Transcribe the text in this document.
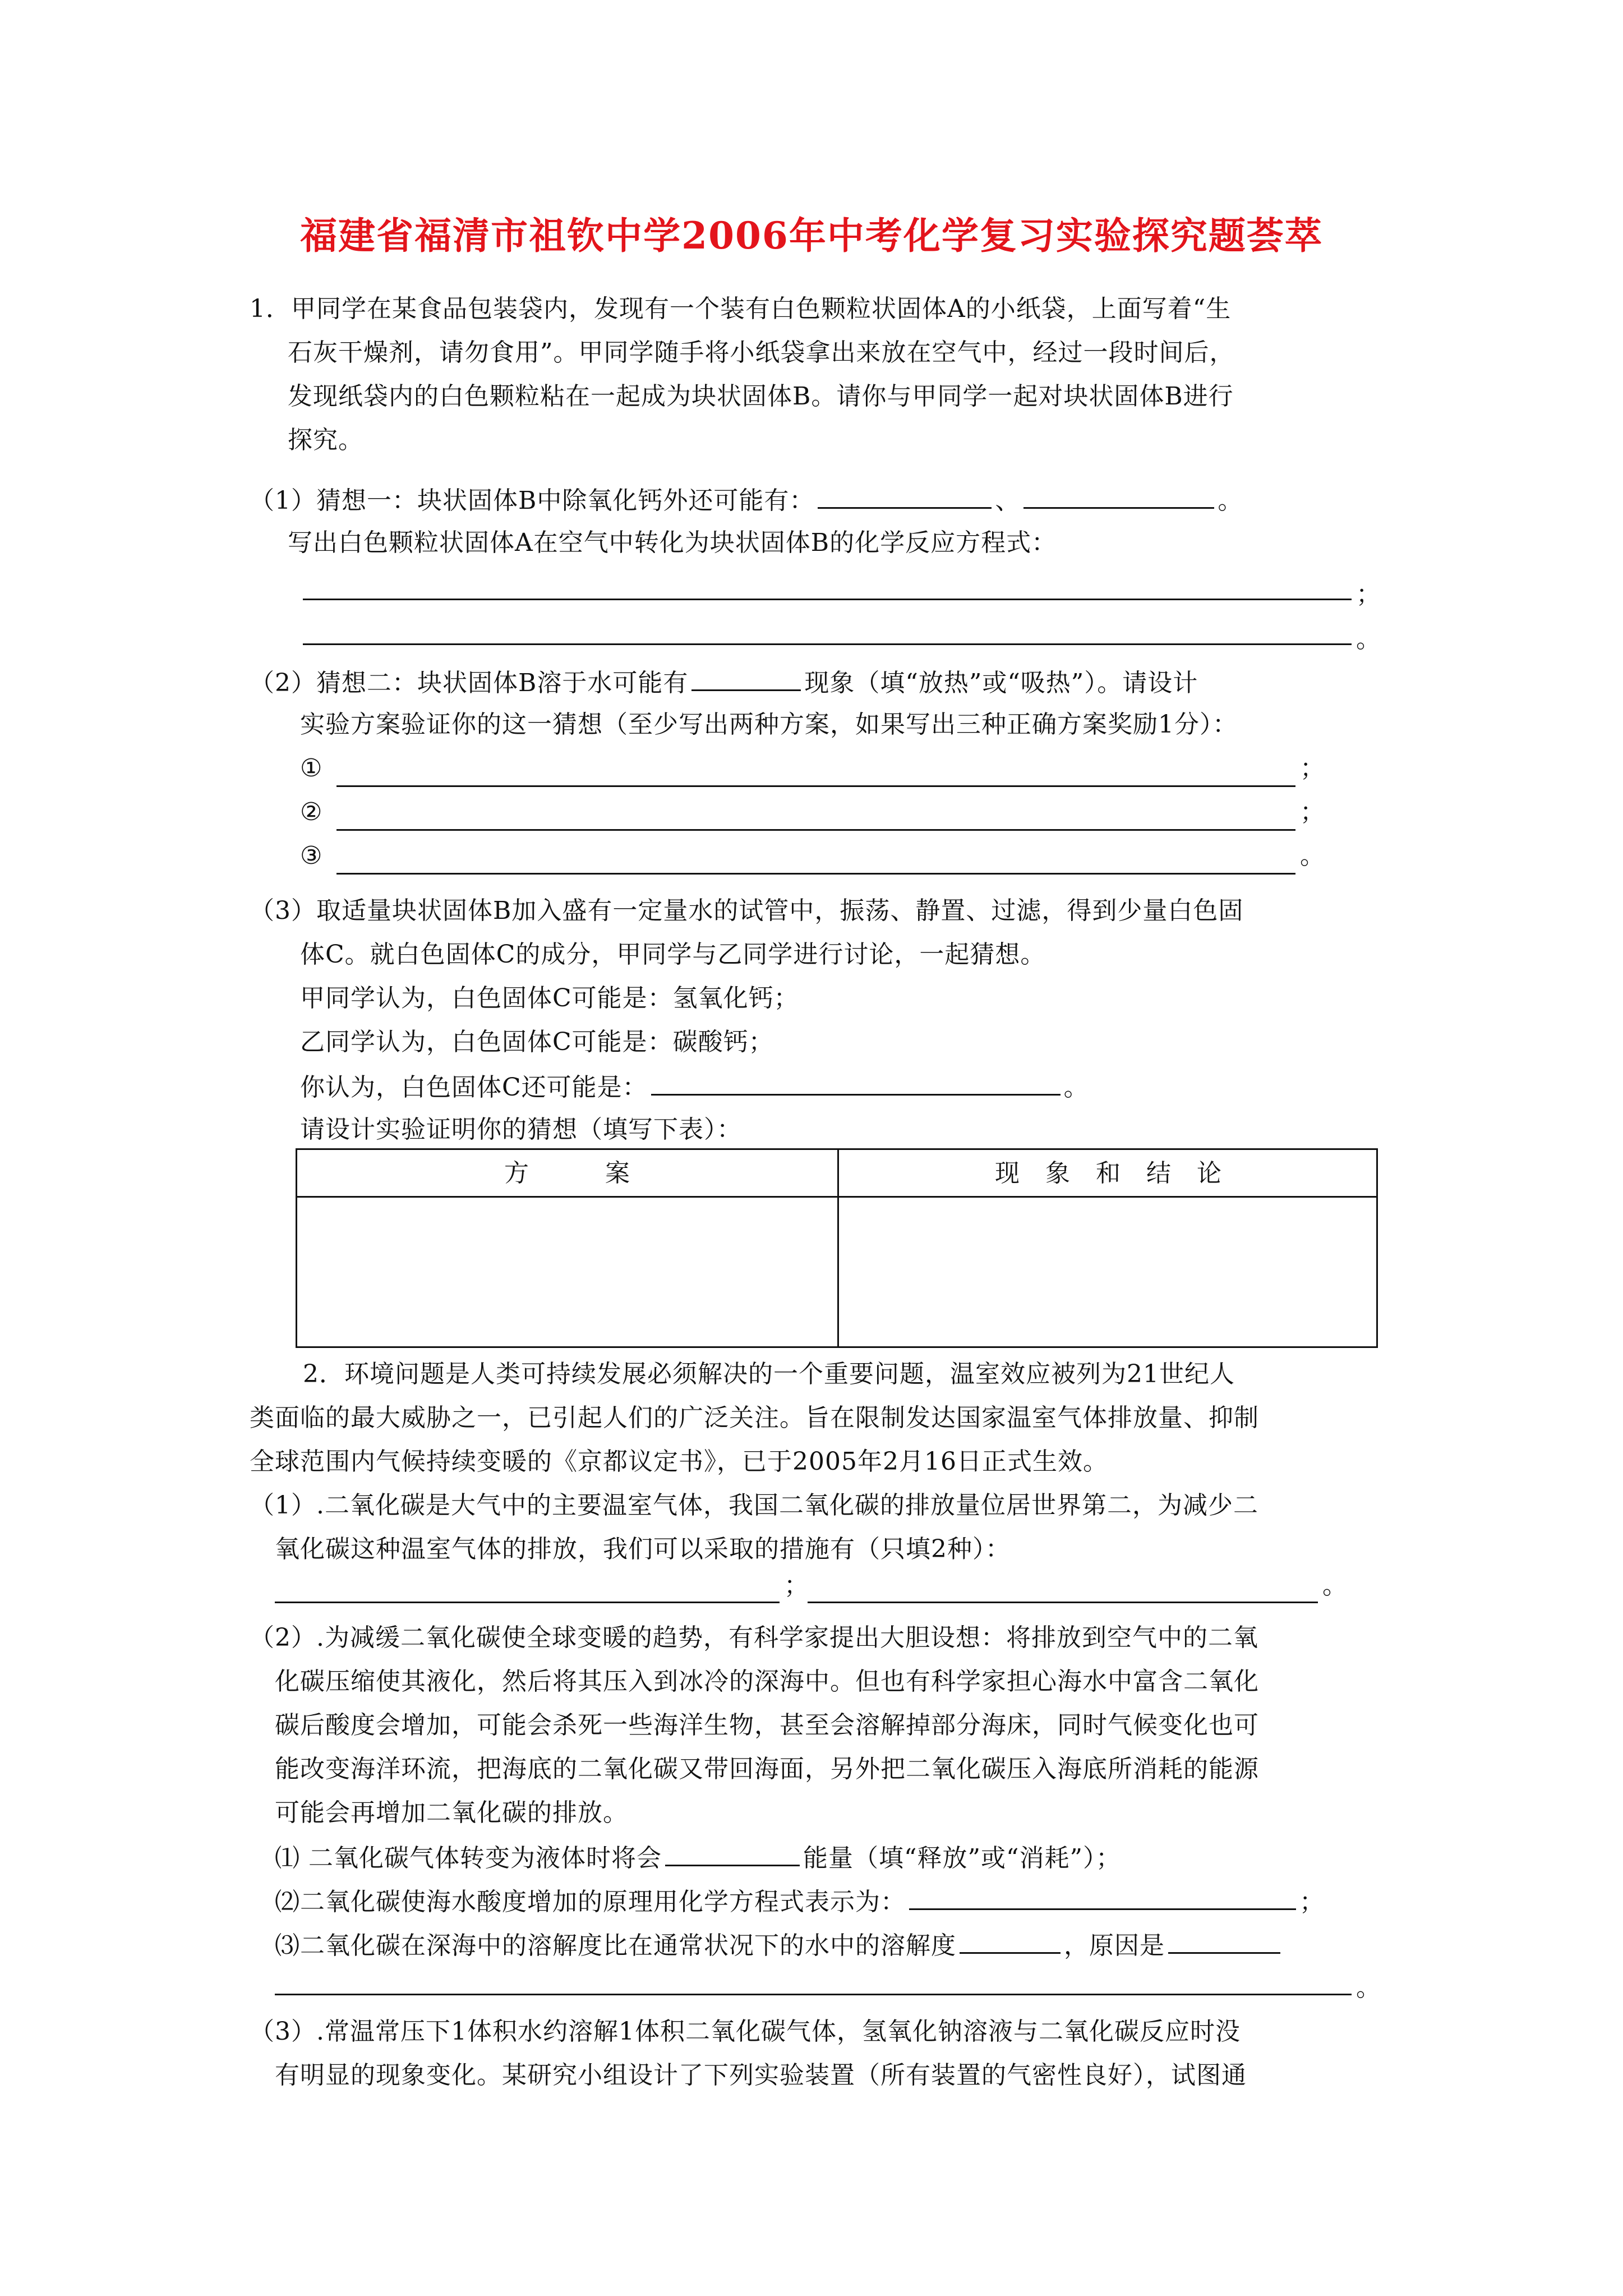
福建省福清市祖钦中学2006年中考化学复习实验探究题荟萃
1．甲同学在某食品包装袋内，发现有一个装有白色颗粒状固体A的小纸袋，上面写着“生
石灰干燥剂，请勿食用”。甲同学随手将小纸袋拿出来放在空气中，经过一段时间后，
发现纸袋内的白色颗粒粘在一起成为块状固体B。请你与甲同学一起对块状固体B进行
探究。
（1）猜想一：块状固体B中除氧化钙外还可能有：	、	。
写出白色颗粒状固体A在空气中转化为块状固体B的化学反应方程式：
；
。
（2）猜想二：块状固体B溶于水可能有	现象（填“放热”或“吸热”）。请设计
实验方案验证你的这一猜想（至少写出两种方案，如果写出三种正确方案奖励1分）：
①	；
②	；
③	。
（3）取适量块状固体B加入盛有一定量水的试管中，振荡、静置、过滤，得到少量白色固
体C。就白色固体C的成分，甲同学与乙同学进行讨论，一起猜想。
甲同学认为，白色固体C可能是：氢氧化钙；
乙同学认为，白色固体C可能是：碳酸钙；
你认为，白色固体C还可能是：	。
请设计实验证明你的猜想（填写下表）：
方　　　案	现　象　和　结　论
2．环境问题是人类可持续发展必须解决的一个重要问题，温室效应被列为21世纪人
类面临的最大威胁之一，已引起人们的广泛关注。旨在限制发达国家温室气体排放量、抑制
全球范围内气候持续变暖的《京都议定书》，已于2005年2月16日正式生效。
（1）.二氧化碳是大气中的主要温室气体，我国二氧化碳的排放量位居世界第二，为减少二
氧化碳这种温室气体的排放，我们可以采取的措施有（只填2种）：
；	。
（2）.为减缓二氧化碳使全球变暖的趋势，有科学家提出大胆设想：将排放到空气中的二氧
化碳压缩使其液化，然后将其压入到冰冷的深海中。但也有科学家担心海水中富含二氧化
碳后酸度会增加，可能会杀死一些海洋生物，甚至会溶解掉部分海床，同时气候变化也可
能改变海洋环流，把海底的二氧化碳又带回海面，另外把二氧化碳压入海底所消耗的能源
可能会再增加二氧化碳的排放。
⑴ 二氧化碳气体转变为液体时将会	能量（填“释放”或“消耗”）；
⑵二氧化碳使海水酸度增加的原理用化学方程式表示为：	；
⑶二氧化碳在深海中的溶解度比在通常状况下的水中的溶解度	，原因是
。
（3）.常温常压下1体积水约溶解1体积二氧化碳气体，氢氧化钠溶液与二氧化碳反应时没
有明显的现象变化。某研究小组设计了下列实验装置（所有装置的气密性良好），试图通
